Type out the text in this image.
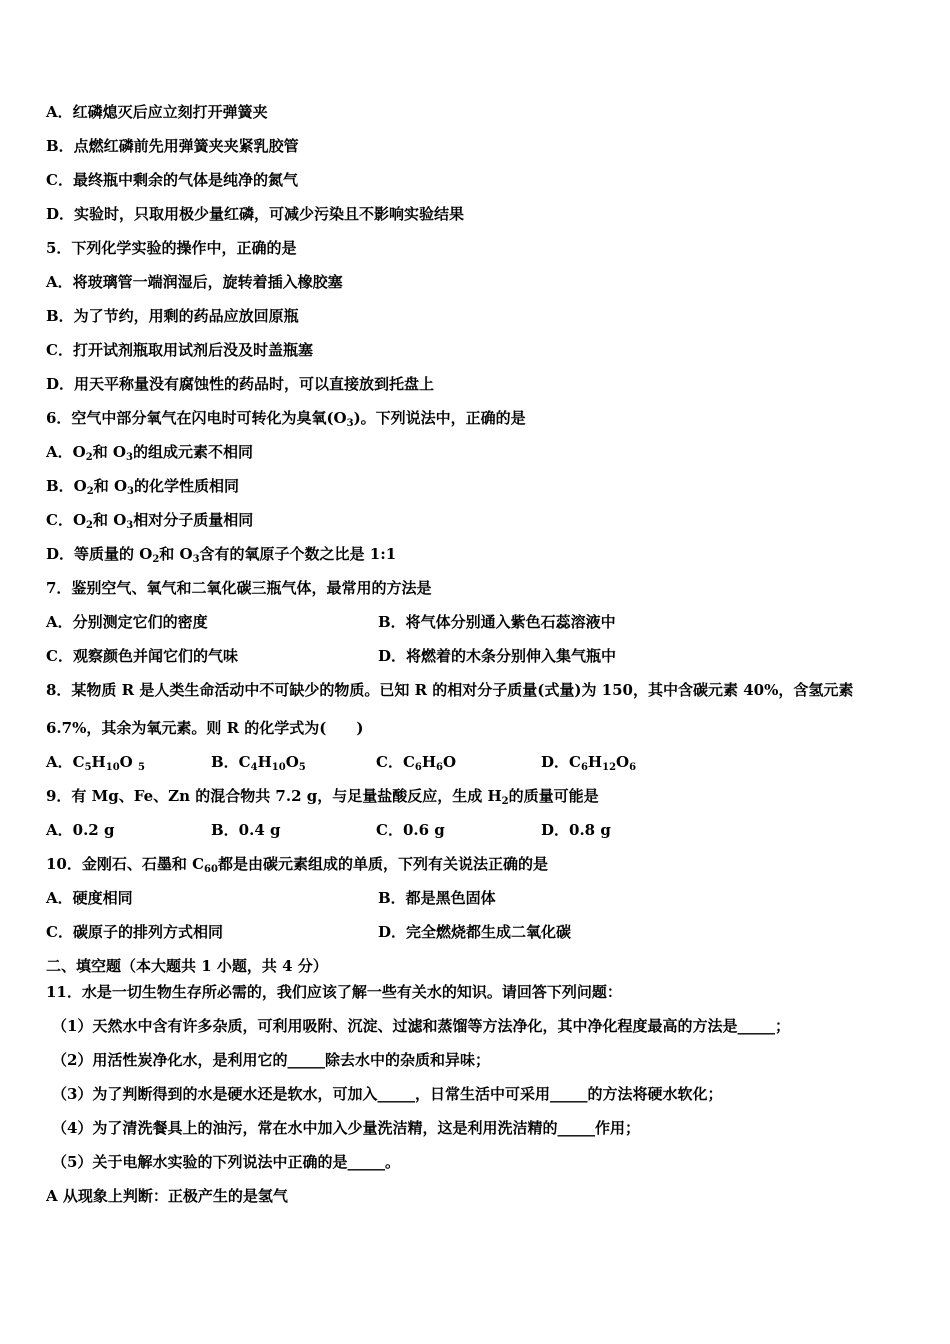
A．红磷熄灭后应立刻打开弹簧夹
B．点燃红磷前先用弹簧夹夹紧乳胶管
C．最终瓶中剩余的气体是纯净的氮气
D．实验时，只取用极少量红磷，可减少污染且不影响实验结果
5．下列化学实验的操作中，正确的是
A．将玻璃管一端润湿后，旋转着插入橡胶塞
B．为了节约，用剩的药品应放回原瓶
C．打开试剂瓶取用试剂后没及时盖瓶塞
D．用天平称量没有腐蚀性的药品时，可以直接放到托盘上
6．空气中部分氧气在闪电时可转化为臭氧$(O_3)$。下列说法中，正确的是
A．$O_2$和 $O_3$的组成元素不相同
B．$O_2$和 $O_3$的化学性质相同
C．$O_2$和 $O_3$相对分子质量相同
D．等质量的 $O_2$和 $O_3$含有的氧原子个数之比是 1:1
7．鉴别空气、氧气和二氧化碳三瓶气体，最常用的方法是
A．分别测定它们的密度	B．将气体分别通入紫色石蕊溶液中
C．观察颜色并闻它们的气味	D．将燃着的木条分别伸入集气瓶中
8．某物质 R 是人类生命活动中不可缺少的物质。已知 R 的相对分子质量(式量)为 150，其中含碳元素 40%，含氢元素
6.7%，其余为氧元素。则 R 的化学式为(　　)
A．$C_5H_{10}O$ $_5$	B．$C_4H_{10}O_5$	C．$C_6H_6O$	D．$C_6H_{12}O_6$
9．有 Mg、Fe、Zn 的混合物共 7.2 g，与足量盐酸反应，生成 $H_2$的质量可能是
A．0.2 g	B．0.4 g	C．0.6 g	D．0.8 g
10．金刚石、石墨和 $C_{60}$都是由碳元素组成的单质，下列有关说法正确的是
A．硬度相同	B．都是黑色固体
C．碳原子的排列方式相同	D．完全燃烧都生成二氧化碳
二、填空题（本大题共 1 小题，共 4 分）
11．水是一切生物生存所必需的，我们应该了解一些有关水的知识。请回答下列问题：
（1）天然水中含有许多杂质，可利用吸附、沉淀、过滤和蒸馏等方法净化，其中净化程度最高的方法是_____；
（2）用活性炭净化水，是利用它的_____除去水中的杂质和异味；
（3）为了判断得到的水是硬水还是软水，可加入_____，日常生活中可采用_____的方法将硬水软化；
（4）为了清洗餐具上的油污，常在水中加入少量洗洁精，这是利用洗洁精的_____作用；
（5）关于电解水实验的下列说法中正确的是_____。
A 从现象上判断：正极产生的是氢气
